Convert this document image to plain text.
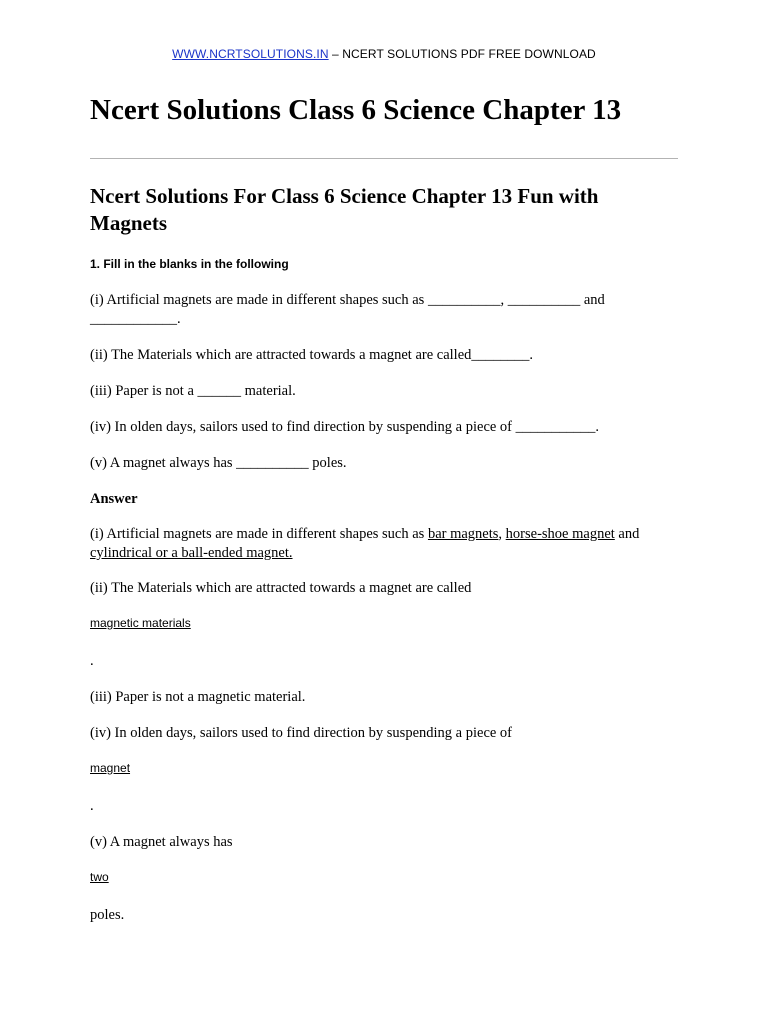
WWW.NCRTSOLUTIONS.IN – NCERT SOLUTIONS PDF FREE DOWNLOAD
Ncert Solutions Class 6 Science Chapter 13
Ncert Solutions For Class 6 Science Chapter 13 Fun with Magnets
1. Fill in the blanks in the following

(i) Artificial magnets are made in different shapes such as __________, __________ and ____________.

(ii) The Materials which are attracted towards a magnet are called________.

(iii) Paper is not a ______ material.

(iv) In olden days, sailors used to find direction by suspending a piece of ___________.

(v) A magnet always has __________ poles.

Answer

(i) Artificial magnets are made in different shapes such as bar magnets, horse-shoe magnet and cylindrical or a ball-ended magnet.

(ii) The Materials which are attracted towards a magnet are called

magnetic materials
.

(iii) Paper is not a magnetic material.

(iv) In olden days, sailors used to find direction by suspending a piece of

magnet
.

(v) A magnet always has

two

poles.
